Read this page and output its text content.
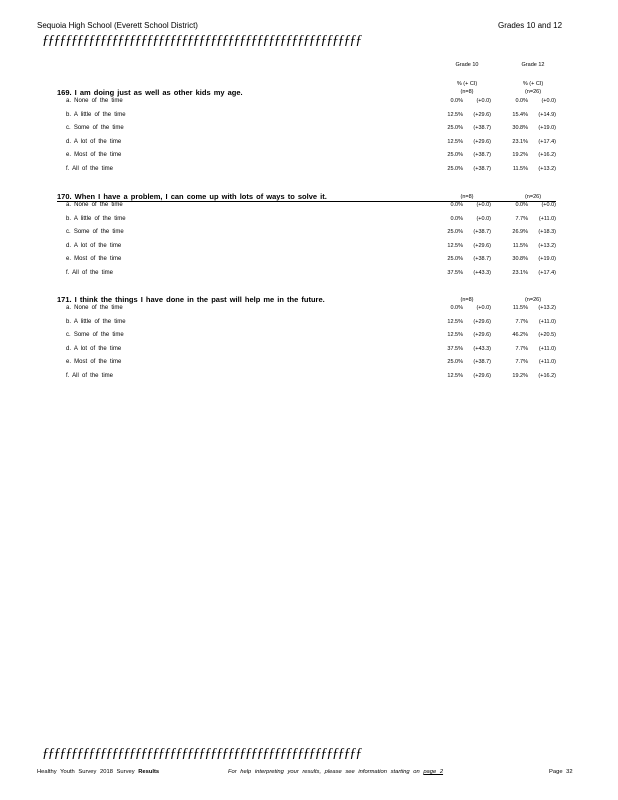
Sequoia High School (Everett School District)	Grades 10 and 12
ƒƒƒƒƒƒƒƒƒƒƒƒƒƒƒƒƒƒƒƒƒƒƒƒƒƒƒƒƒƒƒƒƒƒƒƒƒƒƒƒƒƒƒƒƒƒƒƒƒƒƒƒƒƒƒ
Grade 10	Grade 12
% (+ CI)	% (+ CI)
169. I am doing just as well as other kids my age.	(n=8)	(n=26)
a. None of the time	0.0%	(+0.0)	0.0%	(+0.0)
b. A little of the time	12.5%	(+29.6)	15.4%	(+14.9)
c. Some of the time	25.0%	(+38.7)	30.8%	(+19.0)
d. A lot of the time	12.5%	(+29.6)	23.1%	(+17.4)
e. Most of the time	25.0%	(+38.7)	19.2%	(+16.2)
f. All of the time	25.0%	(+38.7)	11.5%	(+13.2)
170. When I have a problem, I can come up with lots of ways to solve it.	(n=8)	(n=26)
a. None of the time	0.0%	(+0.0)	0.0%	(+0.0)
b. A little of the time	0.0%	(+0.0)	7.7%	(+11.0)
c. Some of the time	25.0%	(+38.7)	26.9%	(+18.3)
d. A lot of the time	12.5%	(+29.6)	11.5%	(+13.2)
e. Most of the time	25.0%	(+38.7)	30.8%	(+19.0)
f. All of the time	37.5%	(+43.3)	23.1%	(+17.4)
171. I think the things I have done in the past will help me in the future.	(n=8)	(n=26)
a. None of the time	0.0%	(+0.0)	11.5%	(+13.2)
b. A little of the time	12.5%	(+29.6)	7.7%	(+11.0)
c. Some of the time	12.5%	(+29.6)	46.2%	(+20.5)
d. A lot of the time	37.5%	(+43.3)	7.7%	(+11.0)
e. Most of the time	25.0%	(+38.7)	7.7%	(+11.0)
f. All of the time	12.5%	(+29.6)	19.2%	(+16.2)
ƒƒƒƒƒƒƒƒƒƒƒƒƒƒƒƒƒƒƒƒƒƒƒƒƒƒƒƒƒƒƒƒƒƒƒƒƒƒƒƒƒƒƒƒƒƒƒƒƒƒƒƒƒƒƒ
Healthy Youth Survey 2018 Survey Results	For help interpreting your results, please see information starting on page 2	Page 32
